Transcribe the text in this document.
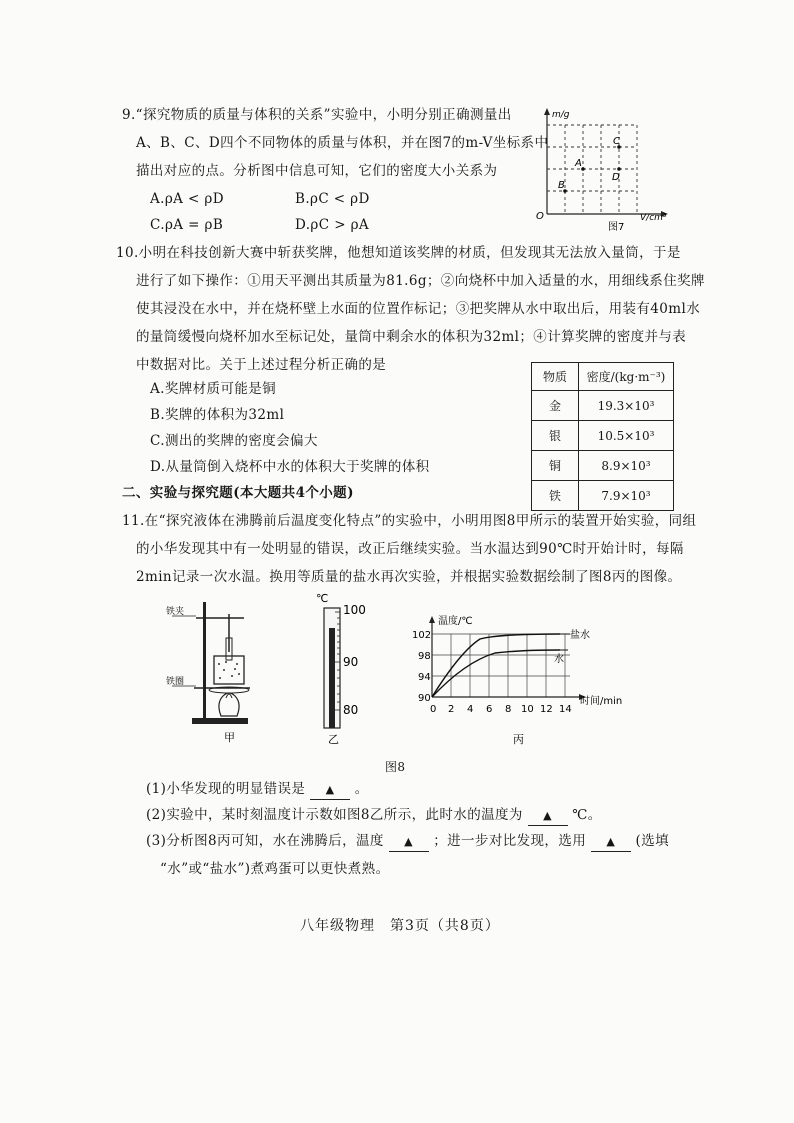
9.“探究物质的质量与体积的关系”实验中，小明分别正确测量出
A、B、C、D四个不同物体的质量与体积，并在图7的m-V坐标系中
描出对应的点。分析图中信息可知，它们的密度大小关系为
A.ρA < ρD	B.ρC < ρD
C.ρA = ρB	D.ρC > ρA
A
B
C
D
m/g
O	V/cm³
图7
10.小明在科技创新大赛中斩获奖牌，他想知道该奖牌的材质，但发现其无法放入量筒，于是
进行了如下操作：①用天平测出其质量为81.6g；②向烧杯中加入适量的水，用细线系住奖牌
使其浸没在水中，并在烧杯壁上水面的位置作标记；③把奖牌从水中取出后，用装有40ml水
的量筒缓慢向烧杯加水至标记处，量筒中剩余水的体积为32ml；④计算奖牌的密度并与表
中数据对比。关于上述过程分析正确的是
A.奖牌材质可能是铜
B.奖牌的体积为32ml
C.测出的奖牌的密度会偏大
D.从量筒倒入烧杯中水的体积大于奖牌的体积
物质	密度/(kg·m⁻³)
金	19.3×10³
银	10.5×10³
铜	8.9×10³
铁	7.9×10³
二、实验与探究题(本大题共4个小题)
11.在“探究液体在沸腾前后温度变化特点”的实验中，小明用图8甲所示的装置开始实验，同组
的小华发现其中有一处明显的错误，改正后继续实验。当水温达到90℃时开始计时，每隔
2min记录一次水温。换用等质量的盐水再次实验，并根据实验数据绘制了图8丙的图像。
铁夹
铁圈
甲
℃
100
90
80
乙
盐水
水
温度/℃
102
98
94
90
0 2 4 6 8 10 12 14
时间/min
丙
图8
(1)小华发现的明显错误是 ▲ 。
(2)实验中，某时刻温度计示数如图8乙所示，此时水的温度为 ▲ ℃。
(3)分析图8丙可知，水在沸腾后，温度 ▲ ；进一步对比发现，选用 ▲ (选填
“水”或“盐水”)煮鸡蛋可以更快煮熟。
八年级物理　第3页（共8页）
